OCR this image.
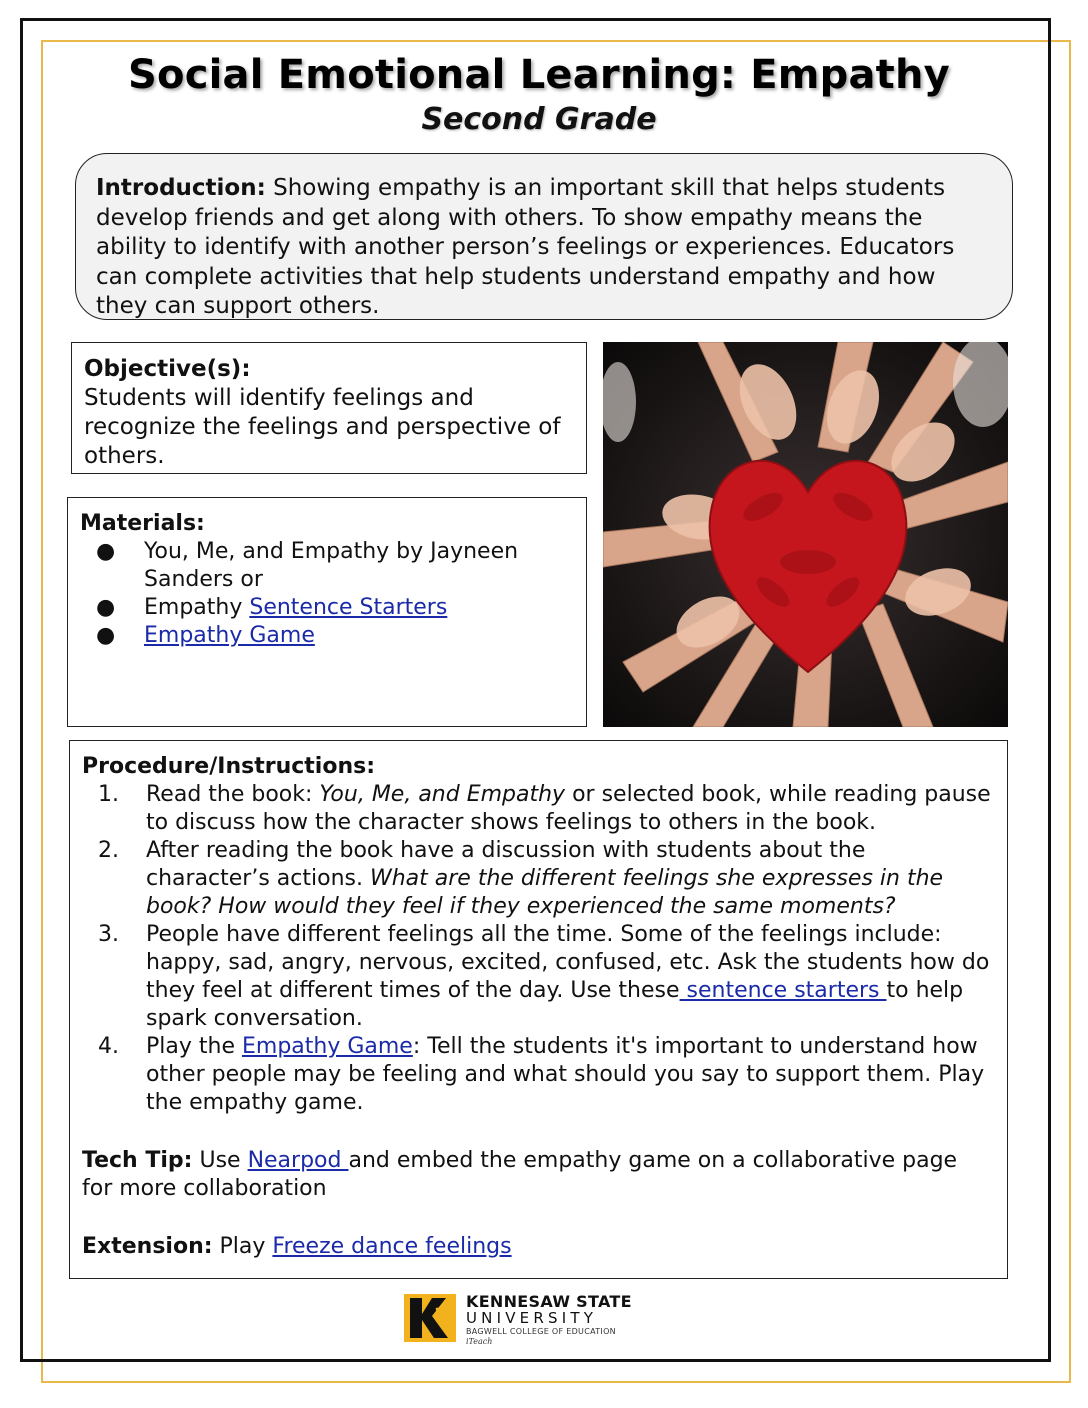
Social Emotional Learning: Empathy
Second Grade
Introduction: Showing empathy is an important skill that helps students develop friends and get along with others. To show empathy means the ability to identify with another person’s feelings or experiences. Educators can complete activities that help students understand empathy and how they can support others.
Objective(s):
Students will identify feelings and recognize the feelings and perspective of others.
Materials:
● You, Me, and Empathy by Jayneen Sanders or
● Empathy Sentence Starters
● Empathy Game
Procedure/Instructions:
1. Read the book: You, Me, and Empathy or selected book, while reading pause to discuss how the character shows feelings to others in the book.
2. After reading the book have a discussion with students about the character’s actions. What are the different feelings she expresses in the book? How would they feel if they experienced the same moments?
3. People have different feelings all the time. Some of the feelings include: happy, sad, angry, nervous, excited, confused, etc. Ask the students how do they feel at different times of the day. Use these sentence starters to help spark conversation.
4. Play the Empathy Game: Tell the students it's important to understand how other people may be feeling and what should you say to support them. Play the empathy game.
Tech Tip: Use Nearpod and embed the empathy game on a collaborative page for more collaboration
Extension: Play Freeze dance feelings
KENNESAW STATE
UNIVERSITY
BAGWELL COLLEGE OF EDUCATION
iTeach
